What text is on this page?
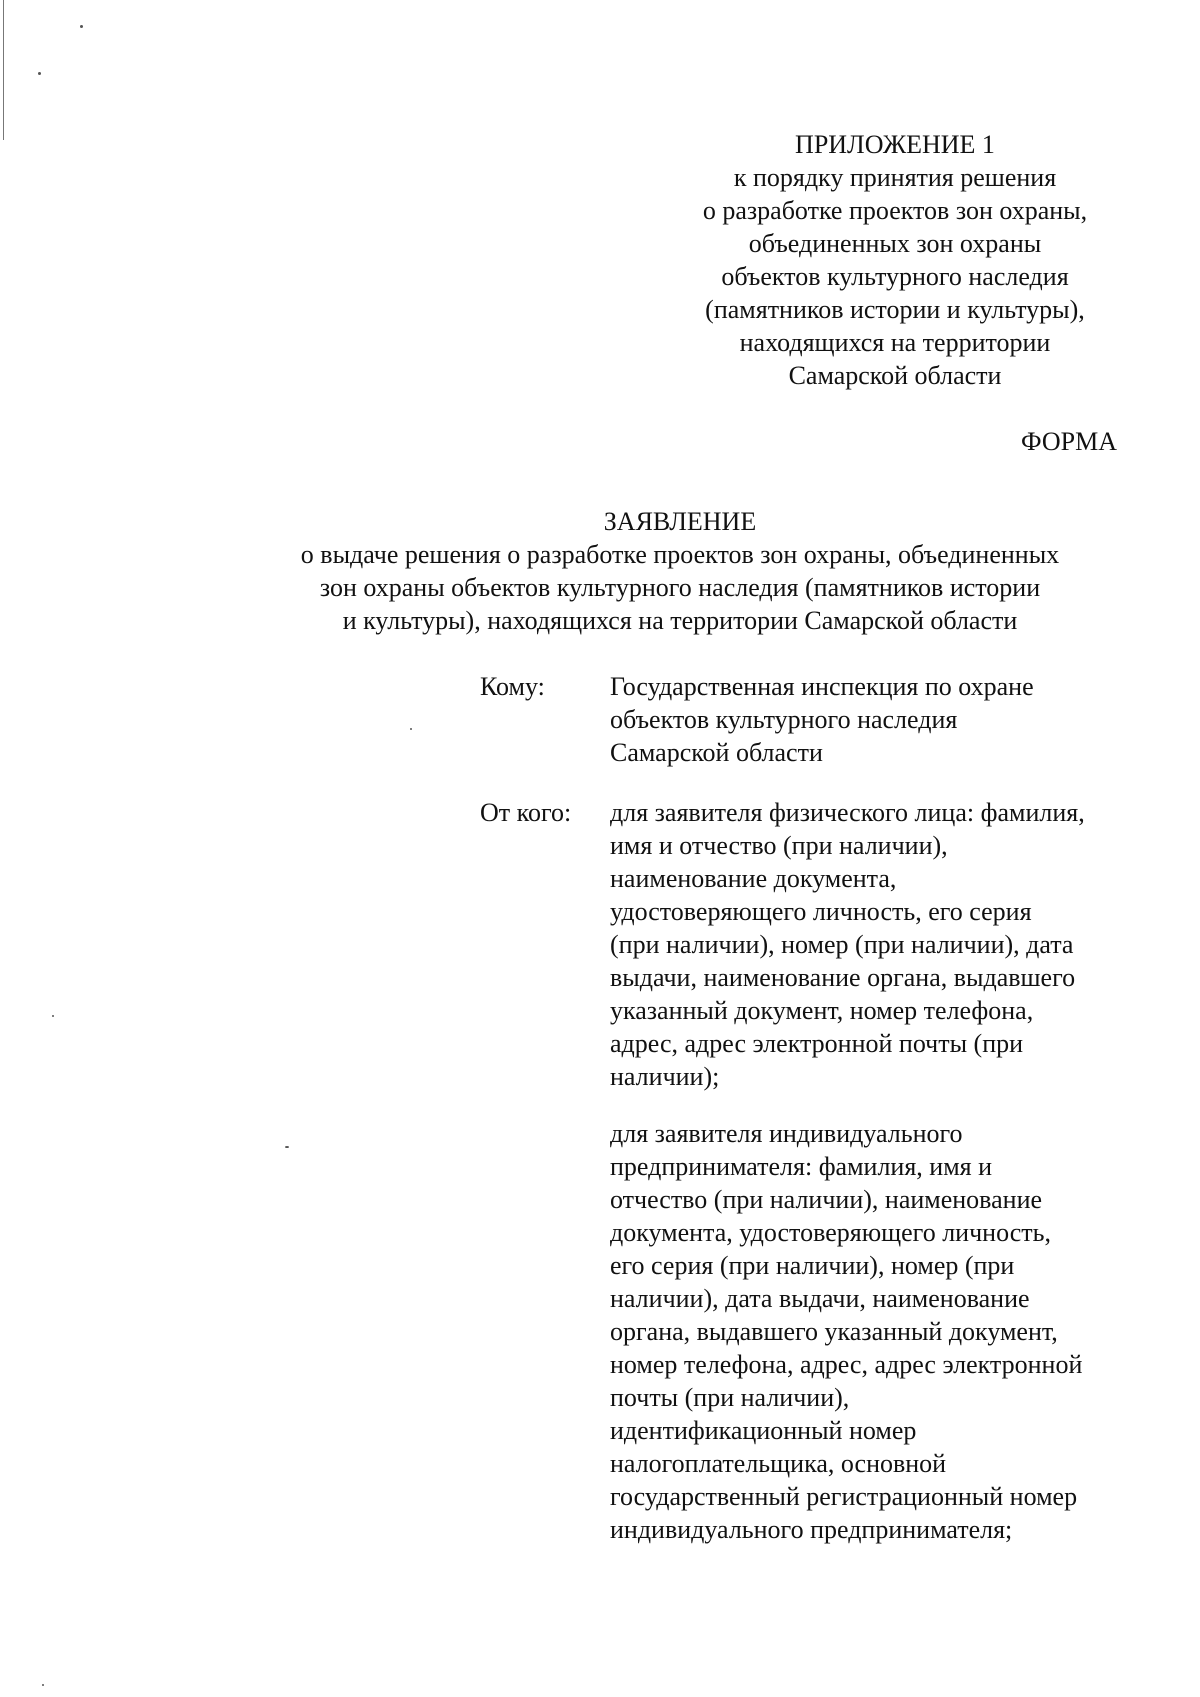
ПРИЛОЖЕНИЕ 1
к порядку принятия решения
о разработке проектов зон охраны,
объединенных зон охраны
объектов культурного наследия
(памятников истории и культуры),
находящихся на территории
Самарской области
ФОРМА
ЗАЯВЛЕНИЕ
о выдаче решения о разработке проектов зон охраны, объединенных
зон охраны объектов культурного наследия (памятников истории
и культуры), находящихся на территории Самарской области
Кому:	Государственная инспекция по охране
объектов культурного наследия
Самарской области
От кого: для заявителя физического лица: фамилия,
имя и отчество (при наличии),
наименование документа,
удостоверяющего личность, его серия
(при наличии), номер (при наличии), дата
выдачи, наименование органа, выдавшего
указанный документ, номер телефона,
адрес, адрес электронной почты (при
наличии);
для заявителя индивидуального
предпринимателя: фамилия, имя и
отчество (при наличии), наименование
документа, удостоверяющего личность,
его серия (при наличии), номер (при
наличии), дата выдачи, наименование
органа, выдавшего указанный документ,
номер телефона, адрес, адрес электронной
почты (при наличии),
идентификационный номер
налогоплательщика, основной
государственный регистрационный номер
индивидуального предпринимателя;
